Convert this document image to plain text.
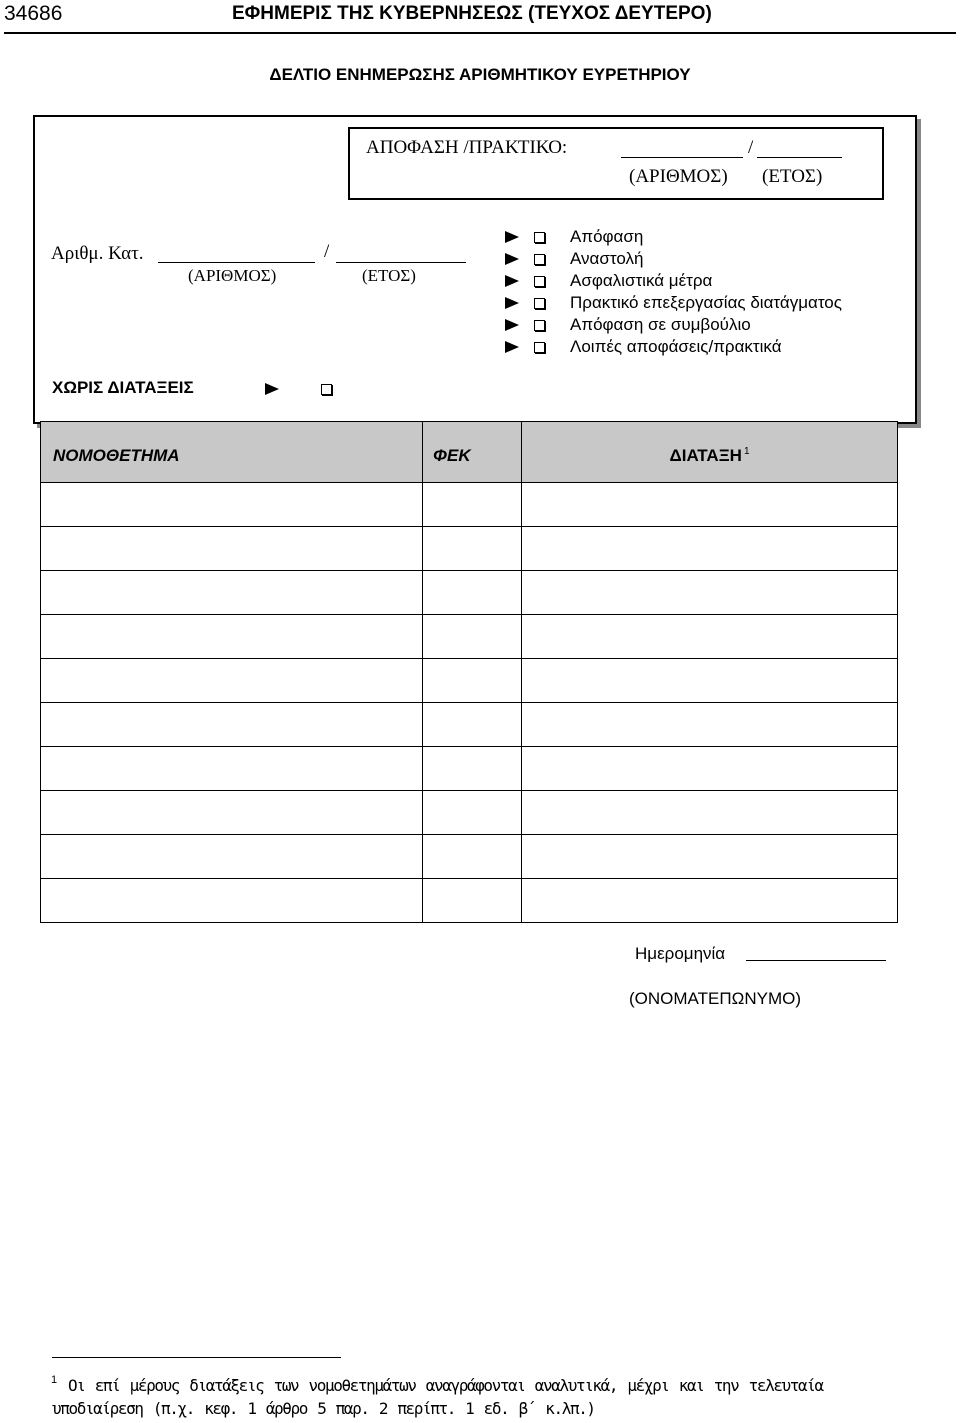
34686	ΕΦΗΜΕΡΙΣ ΤΗΣ ΚΥΒΕΡΝΗΣΕΩΣ (ΤΕΥΧΟΣ ΔΕΥΤΕΡΟ)
ΔΕΛΤΙΟ ΕΝΗΜΕΡΩΣΗΣ ΑΡΙΘΜΗΤΙΚΟΥ ΕΥΡΕΤΗΡΙΟΥ
ΑΠΟΦΑΣΗ /ΠΡΑΚΤΙΚΟ:	/
(ΑΡΙΘΜΟΣ) (ΕΤΟΣ)
Αριθμ. Κατ.	/
(ΑΡΙΘΜΟΣ)	(ΕΤΟΣ)
Απόφαση
Αναστολή
Ασφαλιστικά μέτρα
Πρακτικό επεξεργασίας διατάγματος
Απόφαση σε συμβούλιο
Λοιπές αποφάσεις/πρακτικά
ΧΩΡΙΣ ΔΙΑΤΑΞΕΙΣ
ΝΟΜΟΘΕΤΗΜΑ	ΦΕΚ	ΔΙΑΤΑΞΗ $^1$

Ημερομηνία
(ΟΝΟΜΑΤΕΠΩΝΥΜΟ)
1 Οι επί μέρους διατάξεις των νομοθετημάτων αναγράφονται αναλυτικά, μέχρι και την τελευταία υποδιαίρεση (π.χ. κεφ. 1 άρθρο 5 παρ. 2 περίπτ. 1 εδ. β΄ κ.λπ.)
